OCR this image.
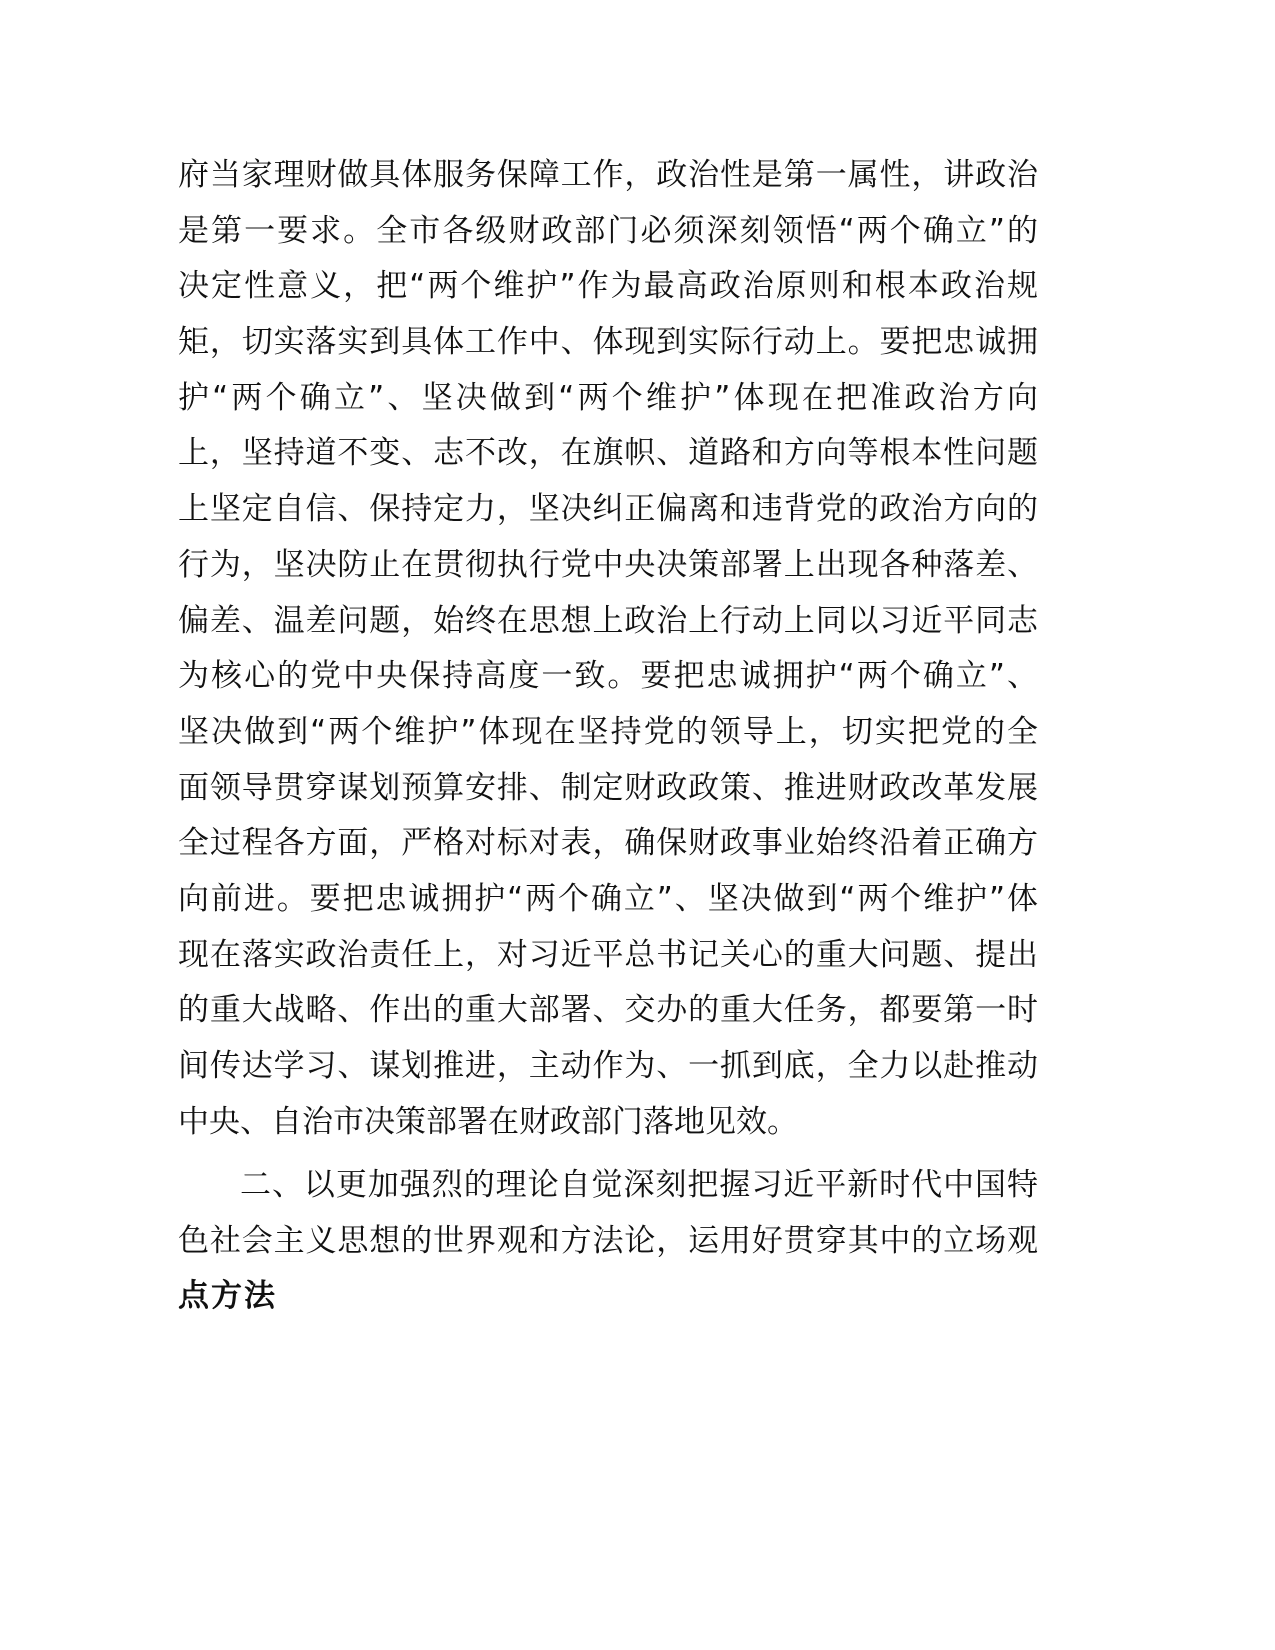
府当家理财做具体服务保障工作，政治性是第一属性，讲政治
是第一要求。全市各级财政部门必须深刻领悟“两个确立”的
决定性意义，把“两个维护”作为最高政治原则和根本政治规
矩，切实落实到具体工作中、体现到实际行动上。要把忠诚拥
护“两个确立”、坚决做到“两个维护”体现在把准政治方向
上，坚持道不变、志不改，在旗帜、道路和方向等根本性问题
上坚定自信、保持定力，坚决纠正偏离和违背党的政治方向的
行为，坚决防止在贯彻执行党中央决策部署上出现各种落差、
偏差、温差问题，始终在思想上政治上行动上同以习近平同志
为核心的党中央保持高度一致。要把忠诚拥护“两个确立”、
坚决做到“两个维护”体现在坚持党的领导上，切实把党的全
面领导贯穿谋划预算安排、制定财政政策、推进财政改革发展
全过程各方面，严格对标对表，确保财政事业始终沿着正确方
向前进。要把忠诚拥护“两个确立”、坚决做到“两个维护”体
现在落实政治责任上，对习近平总书记关心的重大问题、提出
的重大战略、作出的重大部署、交办的重大任务，都要第一时
间传达学习、谋划推进，主动作为、一抓到底，全力以赴推动
中央、自治市决策部署在财政部门落地见效。
二、以更加强烈的理论自觉深刻把握习近平新时代中国特
色社会主义思想的世界观和方法论，运用好贯穿其中的立场观
点方法
